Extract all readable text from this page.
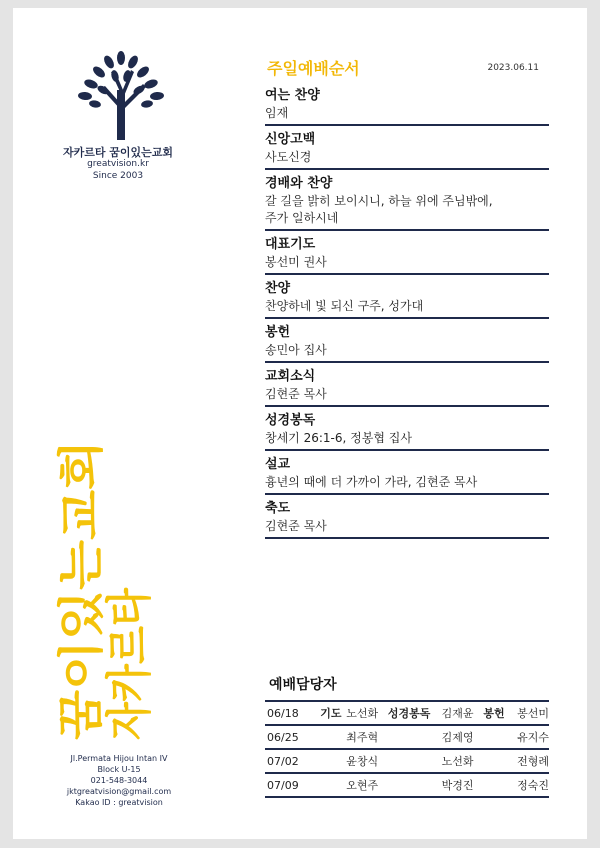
자카르타 꿈이있는교회
greatvision.kr
Since 2003
자카르타
꿈이있는교회
Jl.Permata Hijou Intan IV
Block U-15
021-548-3044
jktgreatvision@gmail.com
Kakao ID : greatvision
주일예배순서	2023.06.11
여는 찬양
임재
신앙고백
사도신경
경배와 찬양
갈 길을 밝히 보이시니, 하늘 위에 주님밖에,
주가 일하시네
대표기도
봉선미 권사
찬양
찬양하네 빛 되신 구주, 성가대
봉헌
송민아 집사
교회소식
김현준 목사
성경봉독
창세기 26:1-6, 정봉협 집사
설교
흉년의 때에 더 가까이 가라, 김현준 목사
축도
김현준 목사
예배담당자
06/18	기도	노선화	성경봉독	김재윤	봉헌	봉선미
06/25		최주혁		김제영		유지수
07/02		윤창식		노선화		전형례
07/09		오현주		박경진		정숙진
